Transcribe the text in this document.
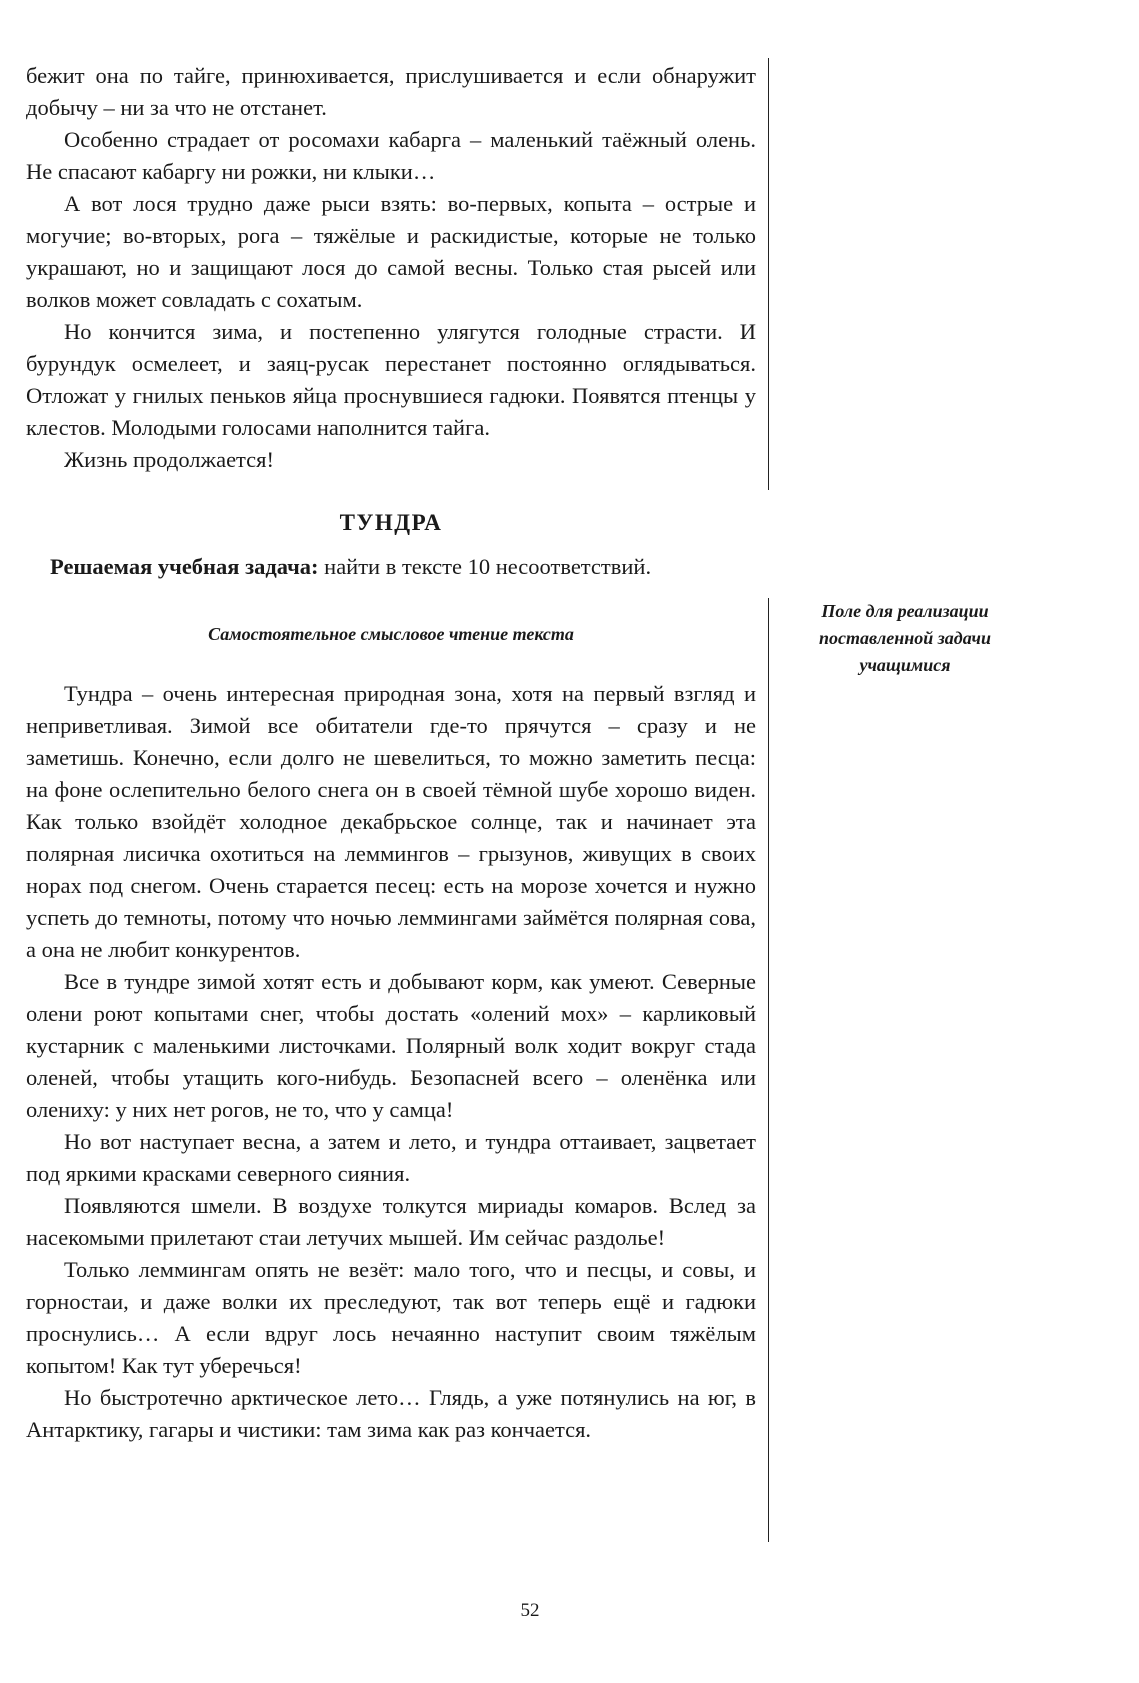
бежит она по тайге, принюхивается, прислушивается и если обнаружит добычу – ни за что не отстанет.

Особенно страдает от росомахи кабарга – маленький таёжный олень. Не спасают кабаргу ни рожки, ни клыки…

А вот лося трудно даже рыси взять: во-первых, копыта – острые и могучие; во-вторых, рога – тяжёлые и раскидистые, которые не только украшают, но и защищают лося до самой весны. Только стая рысей или волков может совладать с сохатым.

Но кончится зима, и постепенно улягутся голодные страсти. И бурундук осмелеет, и заяц-русак перестанет постоянно оглядываться. Отложат у гнилых пеньков яйца проснувшиеся гадюки. Появятся птенцы у клестов. Молодыми голосами наполнится тайга.

Жизнь продолжается!

ТУНДРА
Решаемая учебная задача: найти в тексте 10 несоответствий.
Самостоятельное смысловое чтение текста
Поле для реализации поставленной задачи учащимися

Тундра – очень интересная природная зона, хотя на первый взгляд и неприветливая. Зимой все обитатели где-то прячутся – сразу и не заметишь. Конечно, если долго не шевелиться, то можно заметить песца: на фоне ослепительно белого снега он в своей тёмной шубе хорошо виден. Как только взойдёт холодное декабрьское солнце, так и начинает эта полярная лисичка охотиться на леммингов – грызунов, живущих в своих норах под снегом. Очень старается песец: есть на морозе хочется и нужно успеть до темноты, потому что ночью леммингами займётся полярная сова, а она не любит конкурентов.

Все в тундре зимой хотят есть и добывают корм, как умеют. Северные олени роют копытами снег, чтобы достать «олений мох» – карликовый кустарник с маленькими листочками. Полярный волк ходит вокруг стада оленей, чтобы утащить кого-нибудь. Безопасней всего – оленёнка или олениху: у них нет рогов, не то, что у самца!

Но вот наступает весна, а затем и лето, и тундра оттаивает, зацветает под яркими красками северного сияния.

Появляются шмели. В воздухе толкутся мириады комаров. Вслед за насекомыми прилетают стаи летучих мышей. Им сейчас раздолье!

Только леммингам опять не везёт: мало того, что и песцы, и совы, и горностаи, и даже волки их преследуют, так вот теперь ещё и гадюки проснулись… А если вдруг лось нечаянно наступит своим тяжёлым копытом! Как тут уберечься!

Но быстротечно арктическое лето… Глядь, а уже потянулись на юг, в Антарктику, гагары и чистики: там зима как раз кончается.

52
